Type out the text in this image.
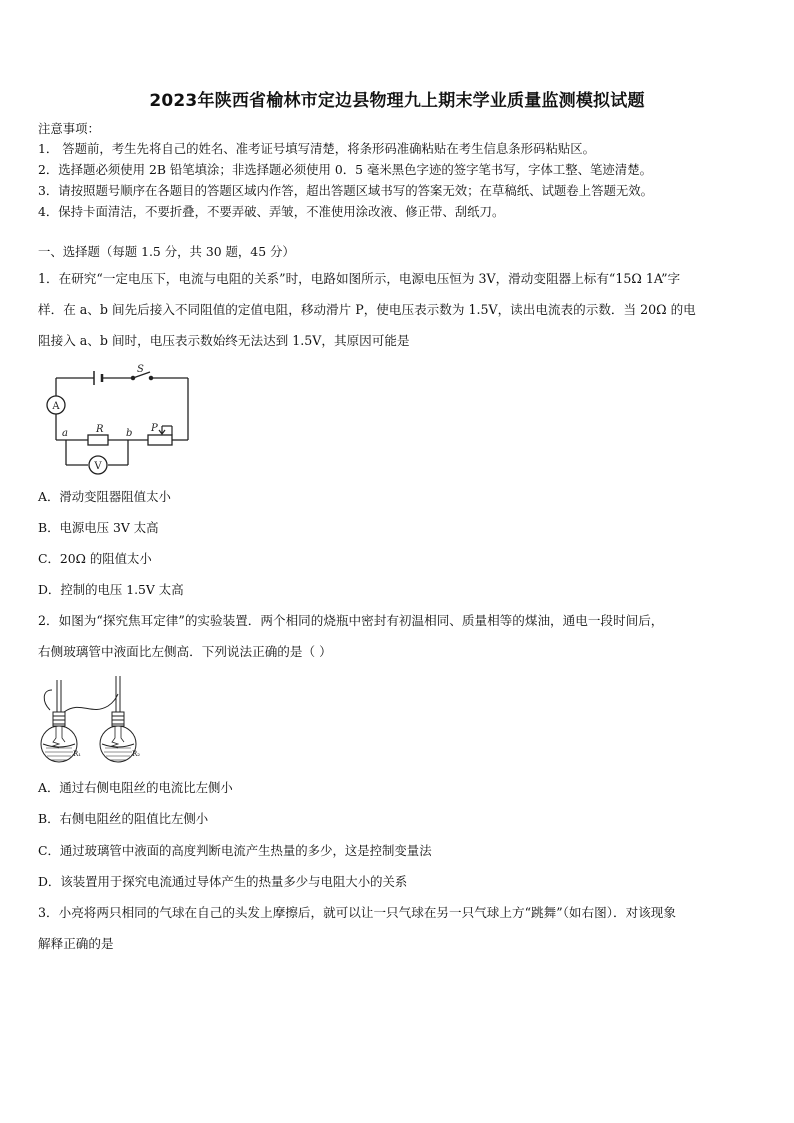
2023年陕西省榆林市定边县物理九上期末学业质量监测模拟试题
注意事项：
1． 答题前，考生先将自己的姓名、准考证号填写清楚，将条形码准确粘贴在考生信息条形码粘贴区。
2．选择题必须使用 2B 铅笔填涂；非选择题必须使用 0．5 毫米黑色字迹的签字笔书写，字体工整、笔迹清楚。
3．请按照题号顺序在各题目的答题区域内作答，超出答题区域书写的答案无效；在草稿纸、试题卷上答题无效。
4．保持卡面清洁，不要折叠，不要弄破、弄皱，不准使用涂改液、修正带、刮纸刀。
一、选择题（每题 1.5 分，共 30 题，45 分）
1．在研究“一定电压下，电流与电阻的关系”时，电路如图所示，电源电压恒为 3V，滑动变阻器上标有“15Ω 1A”字
样．在 a、b 间先后接入不同阻值的定值电阻，移动滑片 P，使电压表示数为 1.5V，读出电流表的示数．当 20Ω 的电
阻接入 a、b 间时，电压表示数始终无法达到 1.5V，其原因可能是
S
A
R
a	b P
V
A．滑动变阻器阻值太小
B．电源电压 3V 太高
C．20Ω 的阻值太小
D．控制的电压 1.5V 太高
2．如图为“探究焦耳定律”的实验装置．两个相同的烧瓶中密封有初温相同、质量相等的煤油，通电一段时间后，
右侧玻璃管中液面比左侧高．下列说法正确的是（ ）
R₁	R₂
A．通过右侧电阻丝的电流比左侧小
B．右侧电阻丝的阻值比左侧小
C．通过玻璃管中液面的高度判断电流产生热量的多少，这是控制变量法
D．该装置用于探究电流通过导体产生的热量多少与电阻大小的关系
3．小亮将两只相同的气球在自己的头发上摩擦后，就可以让一只气球在另一只气球上方“跳舞”（如右图）．对该现象
解释正确的是
